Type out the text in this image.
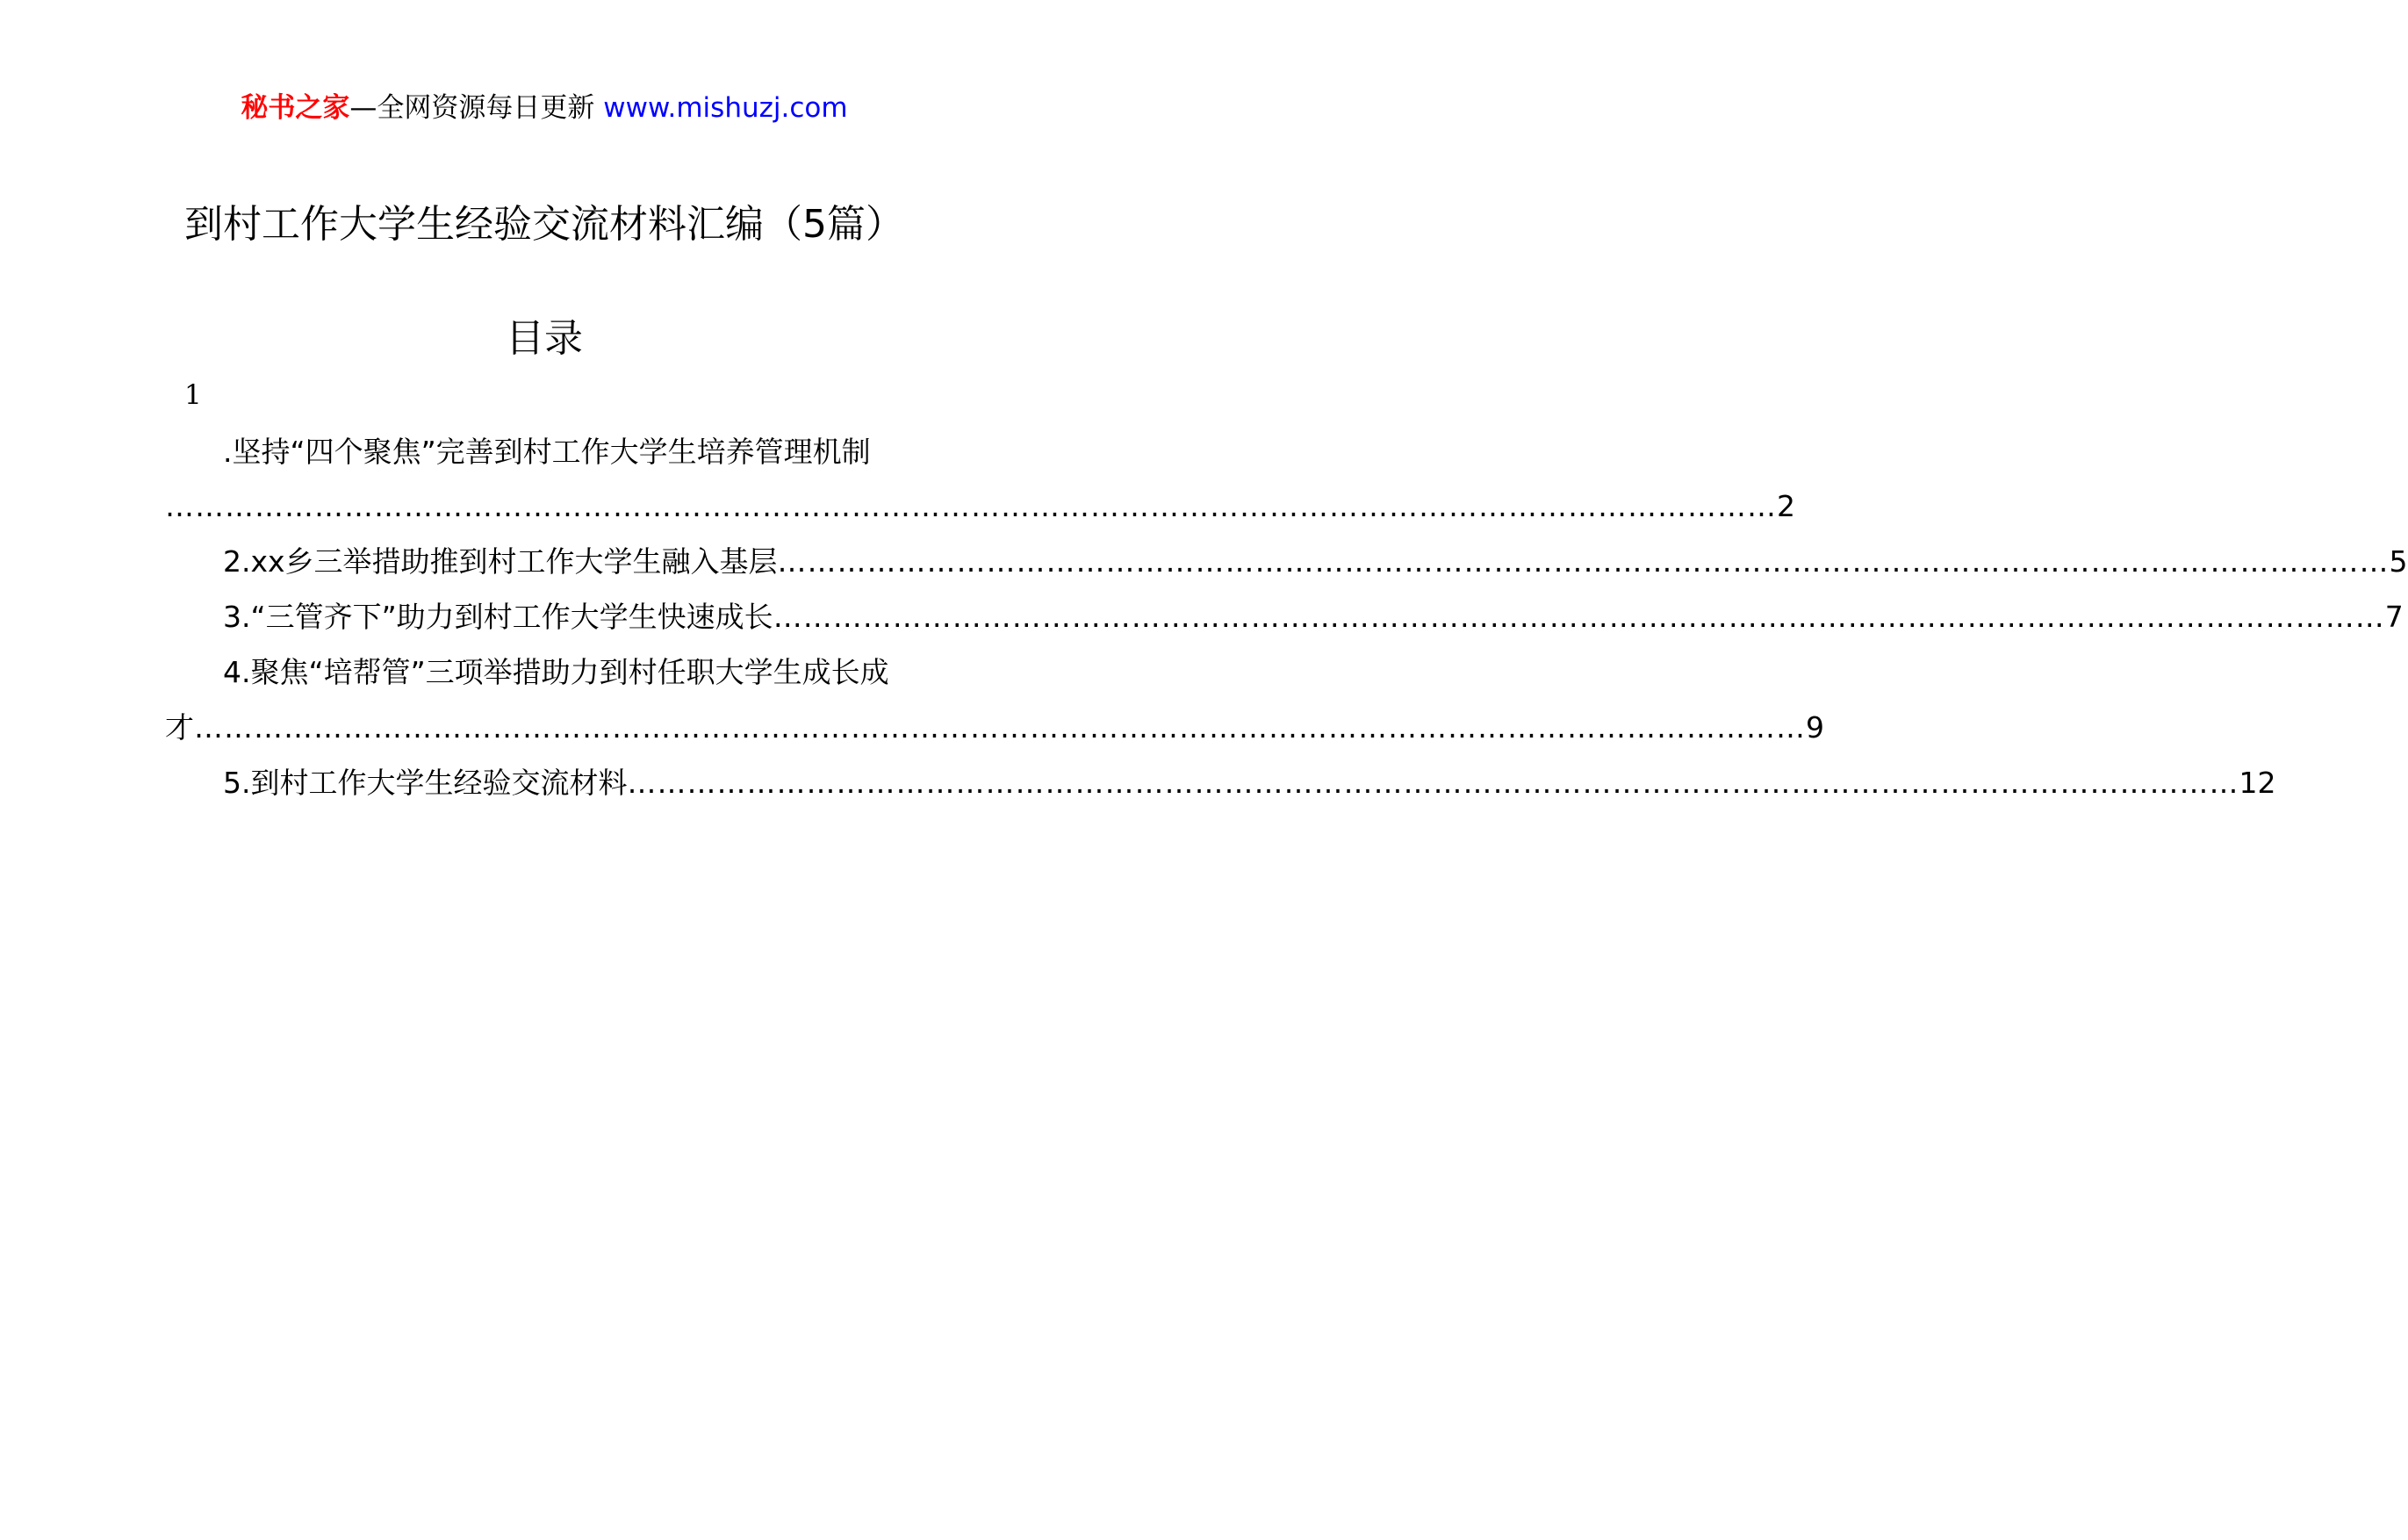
秘书之家—全网资源每日更新 www.mishuzj.com
到村工作大学生经验交流材料汇编（5篇）
目录
1
.坚持“四个聚焦”完善到村工作大学生培养管理机制
……………………………………………………………………………………………………………………………………………… 2
2.xx乡三举措助推到村工作大学生融入基层 ……………………………………………………………………………………………………………………………………………… 5
3.“三管齐下”助力到村工作大学生快速成长 ……………………………………………………………………………………………………………………………………………… 7
4.聚焦“培帮管”三项举措助力到村任职大学生成长成
才 ……………………………………………………………………………………………………………………………………………… 9
5.到村工作大学生经验交流材料 ……………………………………………………………………………………………………………………………………………… 12
